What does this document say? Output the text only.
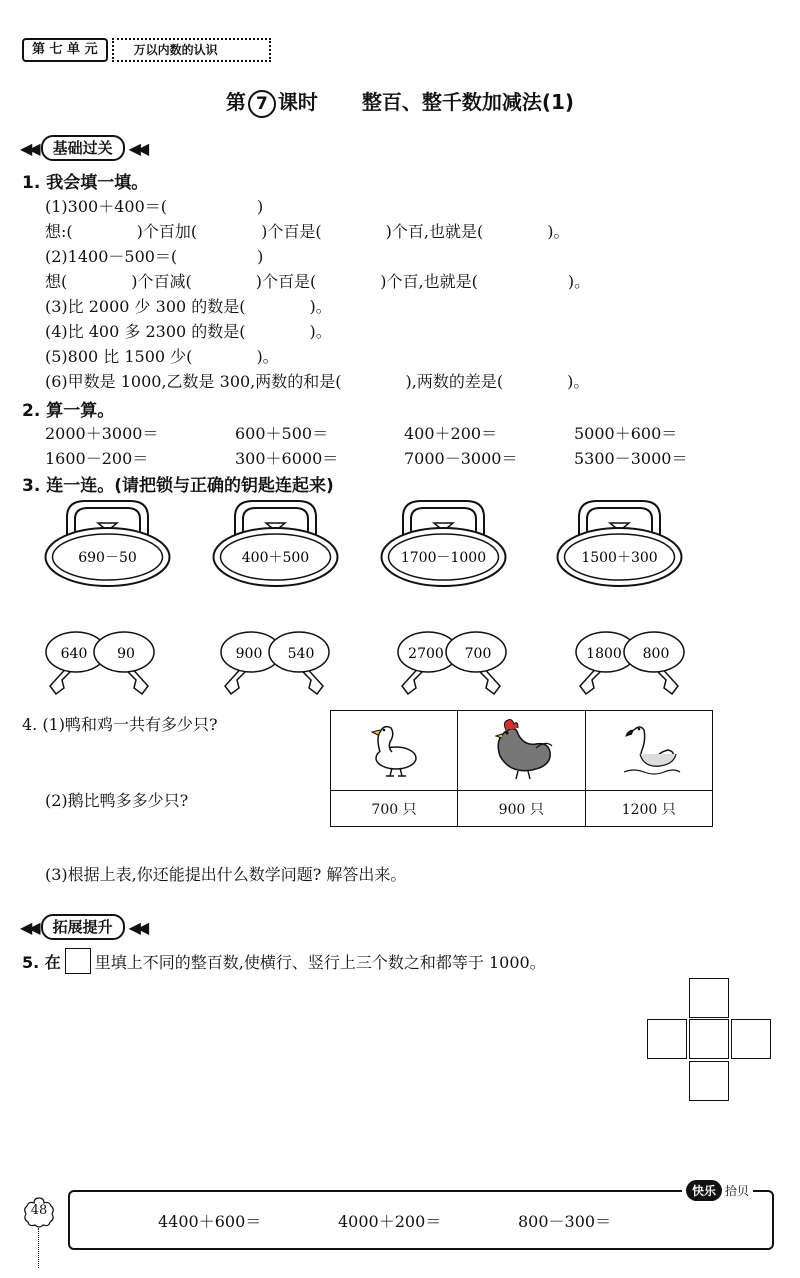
第 七 单 元	万以内数的认识
第 7 课时 整百、整千数加减法(1)
◀◀	基础过关	◀◀
1. 我会填一填。
(1)300＋400＝(	)
想:(	)个百加(	)个百是(	)个百,也就是(	)。
(2)1400－500＝(	)
想(	)个百减(	)个百是(	)个百,也就是(	)。
(3)比 2000 少 300 的数是(	)。
(4)比 400 多 2300 的数是(	)。
(5)800 比 1500 少(	)。
(6)甲数是 1000,乙数是 300,两数的和是(	),两数的差是(	)。
2. 算一算。
2000＋3000＝	600＋500＝	400＋200＝	5000＋600＝
1600－200＝	300＋6000＝	7000－3000＝	5300－3000＝
3. 连一连。(请把锁与正确的钥匙连起来)
690－50	400＋500	1700－1000	1500＋300
640 90	900 540	2700 700	1800 800
4. (1)鸭和鸡一共有多少只?
(2)鹅比鸭多多少只?
(3)根据上表,你还能提出什么数学问题? 解答出来。

700 只	900 只	1200 只
◀◀	拓展提升	◀◀
5. 在 里填上不同的整百数,使横行、竖行上三个数之和都等于 1000。
48
快乐 拾贝
4400＋600＝	4000＋200＝	800－300＝
